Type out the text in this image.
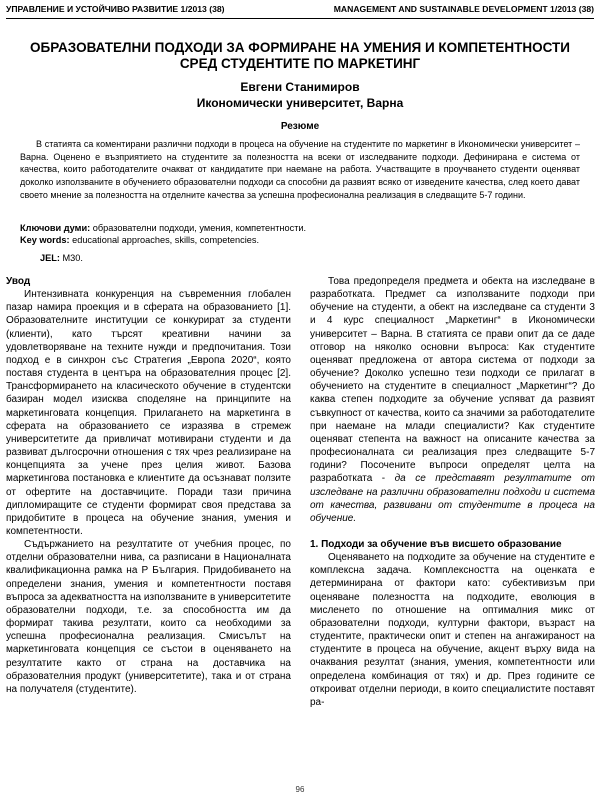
УПРАВЛЕНИЕ И УСТОЙЧИВО РАЗВИТИЕ 1/2013 (38)	MANAGEMENT AND SUSTAINABLE DEVELOPMENT 1/2013 (38)
ОБРАЗОВАТЕЛНИ ПОДХОДИ ЗА ФОРМИРАНЕ НА УМЕНИЯ И КОМПЕТЕНТНОСТИ СРЕД СТУДЕНТИТЕ ПО МАРКЕТИНГ
Евгени Станимиров
Икономически университет, Варна
Резюме
В статията са коментирани различни подходи в процеса на обучение на студентите по маркетинг в Икономически университет – Варна. Оценено е възприятието на студентите за полезността на всеки от изследваните подходи. Дефинирана е система от качества, които работодателите очакват от кандидатите при наемане на работа. Участващите в проучването студенти оценяват доколко използваните в обучението образователни подходи са способни да развият всяко от изведените качества, след което дават своето мнение за полезността на отделните качества за успешна професионална реализация в следващите 5-7 години.
Ключови думи: образователни подходи, умения, компетентности.
Key words: educational approaches, skills, competencies.
JEL: M30.
Увод

Интензивната конкуренция на съвременния глобален пазар намира проекция и в сферата на образованието [1]. Образователните институции се конкурират за студенти (клиенти), като търсят креативни начини за удовлетворяване на техните нужди и предпочитания. Този подход е в синхрон със Стратегия „Европа 2020“, която поставя студента в центъра на образователния процес [2]. Трансформирането на класическото обучение в студентски базиран модел изисква споделяне на принципите на маркетинговата концепция. Прилагането на маркетинга в сферата на образованието се изразява в стремеж университетите да привличат мотивирани студенти и да развиват дългосрочни отношения с тях чрез реализиране на концепцията за учене през целия живот. Базова маркетингова постановка е клиентите да осъзнават ползите от офертите на доставчиците. Поради тази причина дипломиращите се студенти формират своя представа за придобитите в процеса на обучение знания, умения и компетентности.

Съдържанието на резултатите от учебния процес, по отделни образователни нива, са разписани в Националната квалификационна рамка на Р България. Придобиването на определени знания, умения и компетентности поставя въпроса за адекватността на използваните в университетите образователни подходи, т.е. за способността им да формират такива резултати, които са необходими за успешна професионална реализация. Смисълът на маркетинговата концепция се състои в оценяването на резултатите както от страна на доставчика на образователния продукт (университетите), така и от страна на получателя (студентите).

Това предопределя предмета и обекта на изследване в разработката. Предмет са използваните подходи при обучение на студенти, а обект на изследване са студенти 3 и 4 курс специалност „Маркетинг“ в Икономически университет – Варна. В статията се прави опит да се даде отговор на няколко основни въпроса: Как студентите оценяват предложена от автора система от подходи за обучение? Доколко успешно тези подходи се прилагат в обучението на студентите в специалност „Маркетинг“? До каква степен подходите за обучение успяват да развият съвкупност от качества, които са значими за работодателите при наемане на млади специалисти? Как студентите оценяват степента на важност на описаните качества за професионалната си реализация през следващите 5-7 години? Посочените въпроси определят целта на разработката - да се представят резултатите от изследване на различни образователни подходи и система от качества, развивани от студентите в процеса на обучение.

1. Подходи за обучение във висшето образование

Оценяването на подходите за обучение на студентите е комплексна задача. Комплексността на оценката е детерминирана от фактори като: субективизъм при оценяване полезността на подходите, еволюция в мисленето по отношение на оптималния микс от образователни подходи, културни фактори, възраст на студентите, практически опит и степен на ангажираност на студентите в процеса на обучение, акцент върху вида на очаквания резултат (знания, умения, компетентности или определена комбинация от тях) и др. През годините се откроиват отделни периоди, в които специалистите поставят ра-

96
